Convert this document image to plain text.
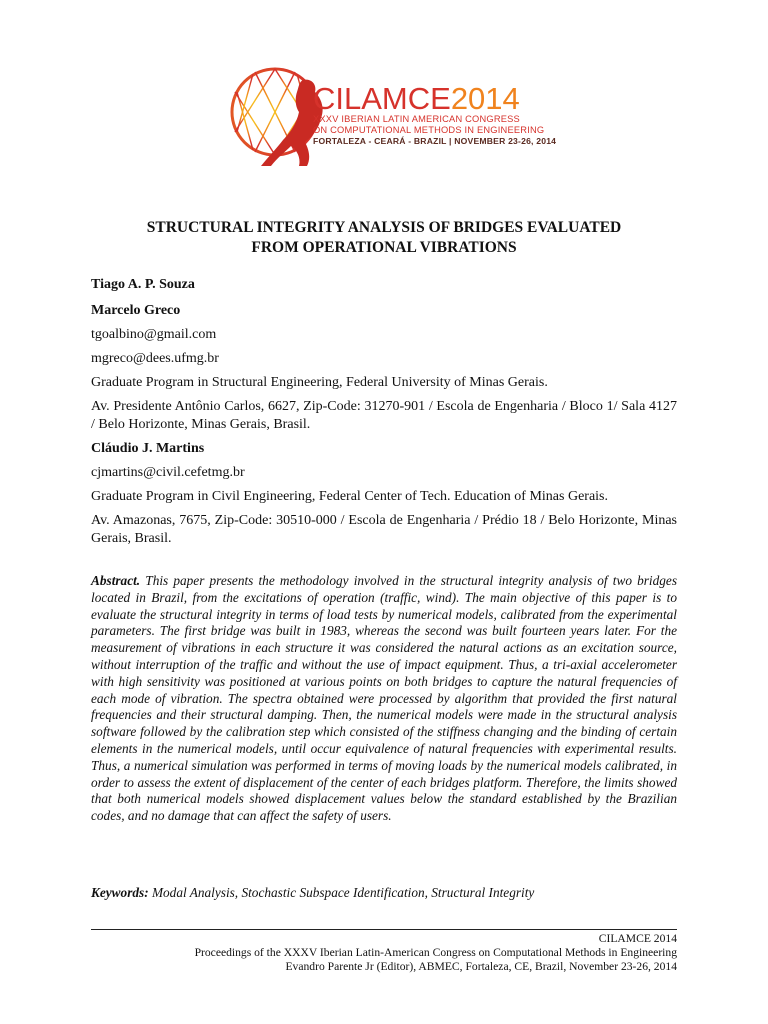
CILAMCE2014
XXXV IBERIAN LATIN AMERICAN CONGRESS
ON COMPUTATIONAL METHODS IN ENGINEERING
FORTALEZA - CEARÁ - BRAZIL | NOVEMBER 23-26, 2014
STRUCTURAL INTEGRITY ANALYSIS OF BRIDGES EVALUATED
FROM OPERATIONAL VIBRATIONS
Tiago A. P. Souza
Marcelo Greco
tgoalbino@gmail.com
mgreco@dees.ufmg.br
Graduate Program in Structural Engineering, Federal University of Minas Gerais.
Av. Presidente Antônio Carlos, 6627, Zip-Code: 31270-901 / Escola de Engenharia / Bloco 1/ Sala 4127 / Belo Horizonte, Minas Gerais, Brasil.
Cláudio J. Martins
cjmartins@civil.cefetmg.br
Graduate Program in Civil Engineering, Federal Center of Tech. Education of Minas Gerais.
Av. Amazonas, 7675, Zip-Code: 30510-000 / Escola de Engenharia / Prédio 18 / Belo Horizonte, Minas Gerais, Brasil.
Abstract. This paper presents the methodology involved in the structural integrity analysis of two bridges located in Brazil, from the excitations of operation (traffic, wind). The main objective of this paper is to evaluate the structural integrity in terms of load tests by numerical models, calibrated from the experimental parameters. The first bridge was built in 1983, whereas the second was built fourteen years later. For the measurement of vibrations in each structure it was considered the natural actions as an excitation source, without interruption of the traffic and without the use of impact equipment. Thus, a tri-axial accelerometer with high sensitivity was positioned at various points on both bridges to capture the natural frequencies of each mode of vibration. The spectra obtained were processed by algorithm that provided the first natural frequencies and their structural damping. Then, the numerical models were made in the structural analysis software followed by the calibration step which consisted of the stiffness changing and the binding of certain elements in the numerical models, until occur equivalence of natural frequencies with experimental results. Thus, a numerical simulation was performed in terms of moving loads by the numerical models calibrated, in order to assess the extent of displacement of the center of each bridges platform. Therefore, the limits showed that both numerical models showed displacement values below the standard established by the Brazilian codes, and no damage that can affect the safety of users.
Keywords: Modal Analysis, Stochastic Subspace Identification, Structural Integrity
CILAMCE 2014
Proceedings of the XXXV Iberian Latin-American Congress on Computational Methods in Engineering
Evandro Parente Jr (Editor), ABMEC, Fortaleza, CE, Brazil, November 23-26, 2014
